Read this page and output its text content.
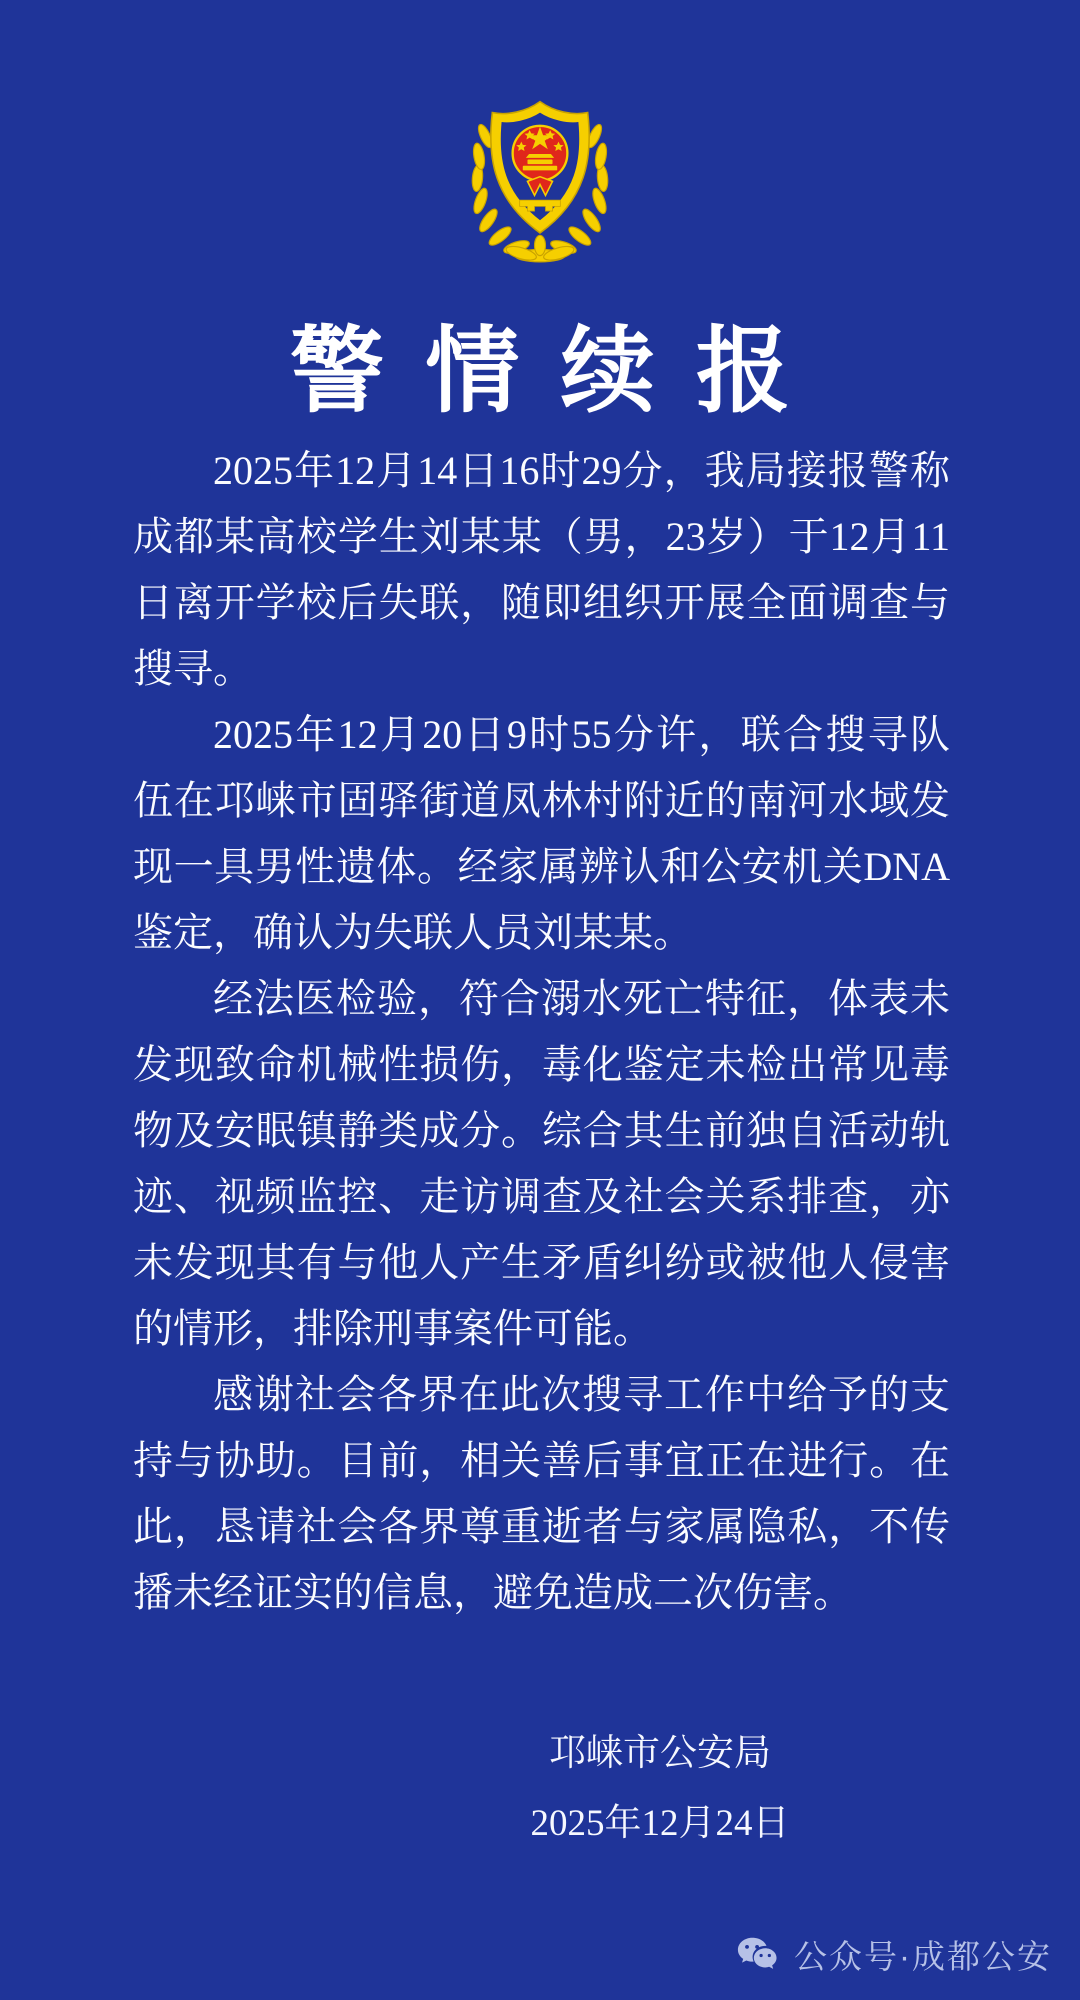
警情续报

2025年12月14日16时29分，我局接报警称成都某高校学生刘某某（男，23岁）于12月11日离开学校后失联，随即组织开展全面调查与搜寻。

2025年12月20日9时55分许，联合搜寻队伍在邛崃市固驿街道凤林村附近的南河水域发现一具男性遗体。经家属辨认和公安机关DNA鉴定，确认为失联人员刘某某。

经法医检验，符合溺水死亡特征，体表未发现致命机械性损伤，毒化鉴定未检出常见毒物及安眠镇静类成分。综合其生前独自活动轨迹、视频监控、走访调查及社会关系排查，亦未发现其有与他人产生矛盾纠纷或被他人侵害的情形，排除刑事案件可能。

感谢社会各界在此次搜寻工作中给予的支持与协助。目前，相关善后事宜正在进行。在此，恳请社会各界尊重逝者与家属隐私，不传播未经证实的信息，避免造成二次伤害。

邛崃市公安局
2025年12月24日
公众号·成都公安
